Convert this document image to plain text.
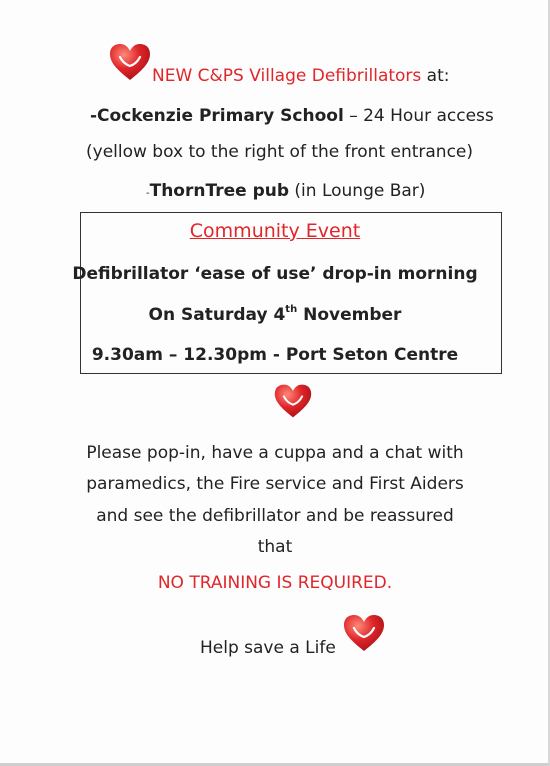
NEW C&PS Village Defibrillators at:
-Cockenzie Primary School – 24 Hour access
(yellow box to the right of the front entrance)
-ThornTree pub (in Lounge Bar)
Community Event
Defibrillator ‘ease of use’ drop-in morning
On Saturday 4th November
9.30am – 12.30pm - Port Seton Centre
Please pop-in, have a cuppa and a chat with
paramedics, the Fire service and First Aiders
and see the defibrillator and be reassured
that
NO TRAINING IS REQUIRED.
Help save a Life
